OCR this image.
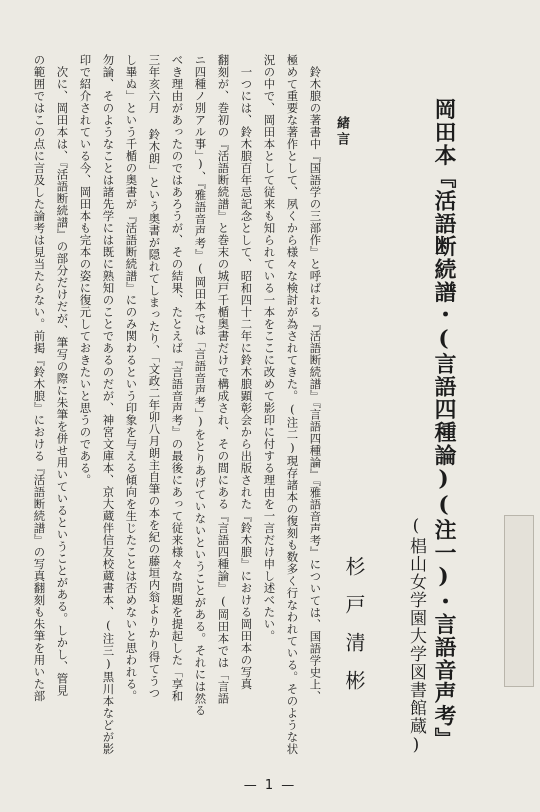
岡田本『活語断続譜・(言語四種論)(注一)・言語音声考』
(椙山女学園大学図書館蔵)
杉戸清彬
緒言
鈴木朖の著書中『国語学の三部作』と呼ばれる『活語断続譜』『言語四種論』『雅語音声考』については、国語学史上、
極めて重要な著作として、夙くから様々な検討が為されてきた。(注二)現存諸本の復刻も数多く行なわれている。そのような状
況の中で、岡田本として従来も知られている一本をここに改めて影印に付する理由を一言だけ申し述べたい。
一つには、鈴木朖百年忌記念として、昭和四十二年に鈴木朖顕彰会から出版された『鈴木朖』における岡田本の写真
翻刻が、巻初の『活語断続譜』と巻末の城戸千楯奥書だけで構成され、その間にある『言語四種論』(岡田本では「言語
ニ四種ノ別アル事」)、『雅語音声考』(岡田本では「言語音声考」)をとりあげていないということがある。それには然る
べき理由があったのではあろうが、その結果、たとえば『言語音声考』の最後にあって従来様々な問題を提起した「享和
三年亥六月 鈴木朗」という奥書が隠れてしまったり、「文政二年卯八月朗主自筆の本を紀の藤垣内翁よりかり得てうつ
し畢ぬ」という千楯の奥書が『活語断続譜』にのみ関わるという印象を与える傾向を生じたことは否めないと思われる。
勿論、そのようなことは諸先学には既に熟知のことであるのだが、神宮文庫本、京大蔵伴信友校蔵書本、(注三)黒川本などが影
印で紹介されている今、岡田本も完本の姿に復元しておきたいと思うのである。
次に、岡田本は、『活語断続譜』の部分だけだが、筆写の際に朱筆を併せ用いているということがある。しかし、管見
の範囲ではこの点に言及した論考は見当たらない。前掲『鈴木朖』における『活語断続譜』の写真翻刻も朱筆を用いた部
— 1 —
